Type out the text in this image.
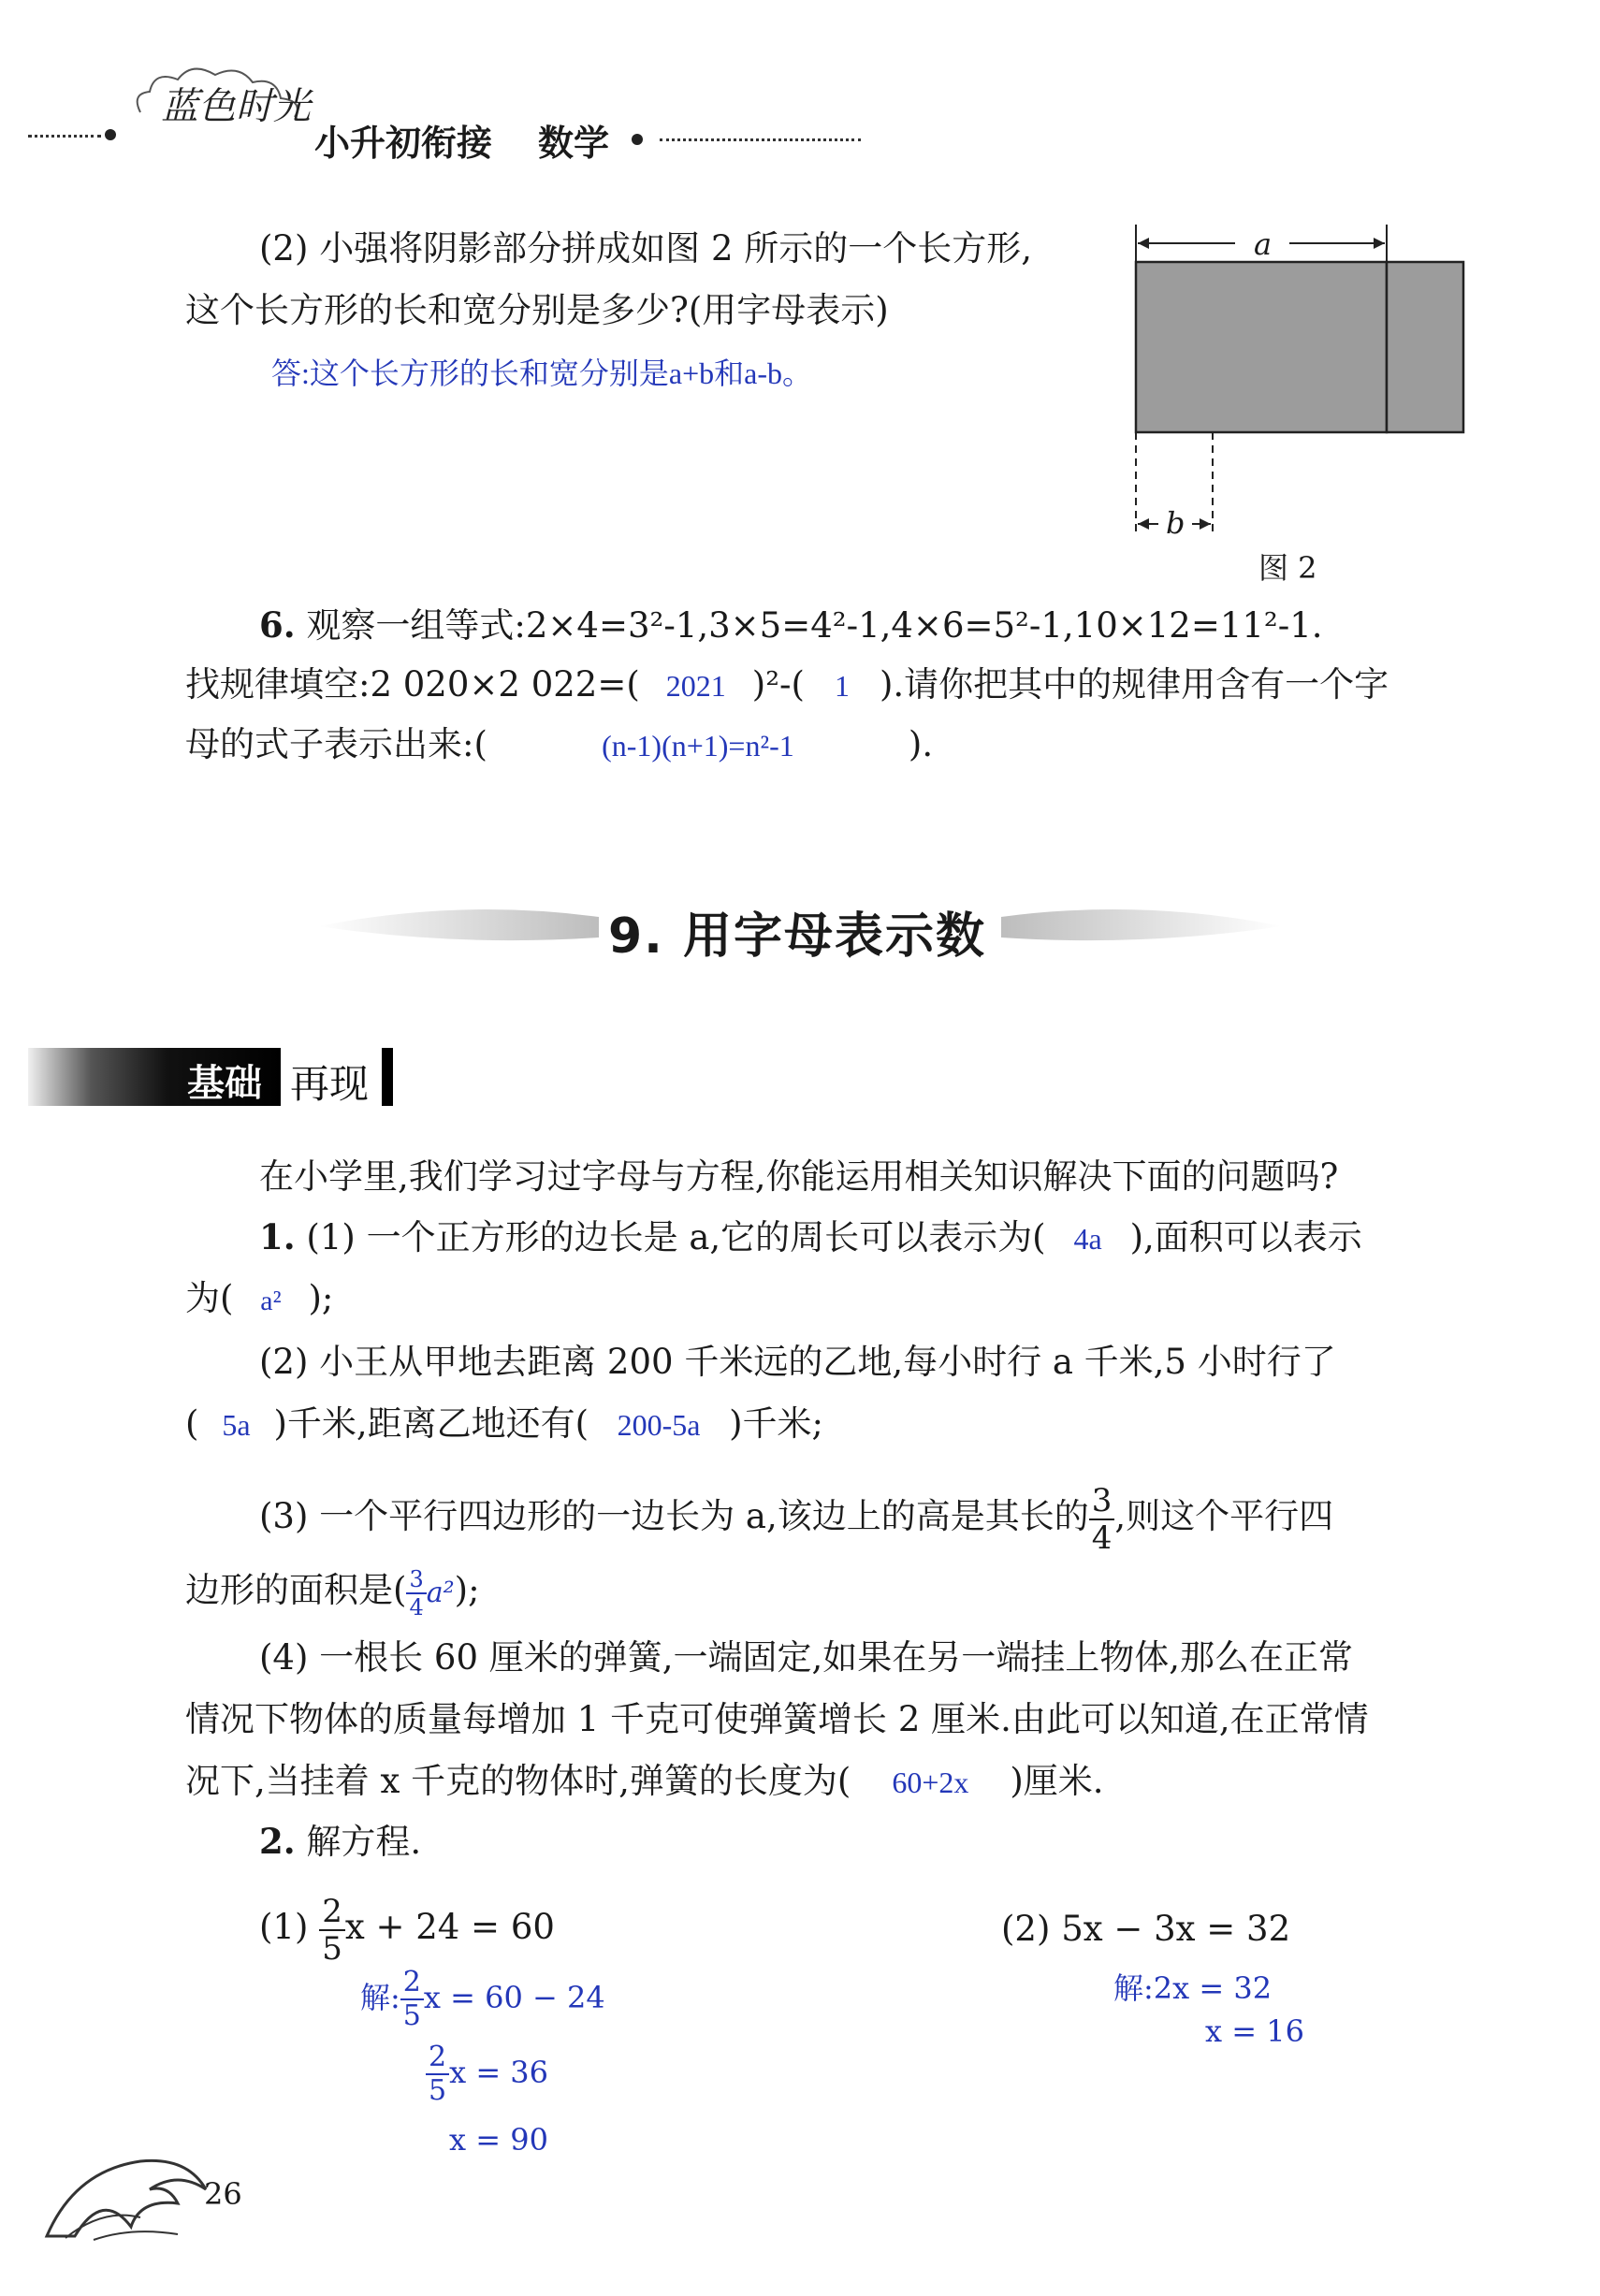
蓝色时光
小升初衔接 数学
(2) 小强将阴影部分拼成如图 2 所示的一个长方形,
这个长方形的长和宽分别是多少?(用字母表示)
答:这个长方形的长和宽分别是a+b和a-b。
a
b
图 2
6. 观察一组等式:2×4=3²-1,3×5=4²-1,4×6=5²-1,10×12=11²-1.
找规律填空:2 020×2 022=( 2021 )²-( 1 ).请你把其中的规律用含有一个字
母的式子表示出来:(	(n-1)(n+1)=n²-1	).
9. 用字母表示数
基础 再现
在小学里,我们学习过字母与方程,你能运用相关知识解决下面的问题吗?
1. (1) 一个正方形的边长是 a,它的周长可以表示为( 4a ),面积可以表示
为( a² );
(2) 小王从甲地去距离 200 千米远的乙地,每小时行 a 千米,5 小时行了
( 5a )千米,距离乙地还有( 200-5a )千米;
(3) 一个平行四边形的一边长为 a,该边上的高是其长的 $\frac{3}{4}$ ,则这个平行四
边形的面积是( $\frac{3}{4} a^2$);
(4) 一根长 60 厘米的弹簧,一端固定,如果在另一端挂上物体,那么在正常
情况下物体的质量每增加 1 千克可使弹簧增长 2 厘米.由此可以知道,在正常情
况下,当挂着 x 千克的物体时,弹簧的长度为( 60+2x )厘米.
2. 解方程.
$(1) \frac{2}{5}$ x + 24 = 60
解: $\frac{2}{5}$ x = 60 − 24
$\frac{2}{5}$ x = 36
x = 90
(2) 5x − 3x = 32
解:2x = 32
x = 16
26
